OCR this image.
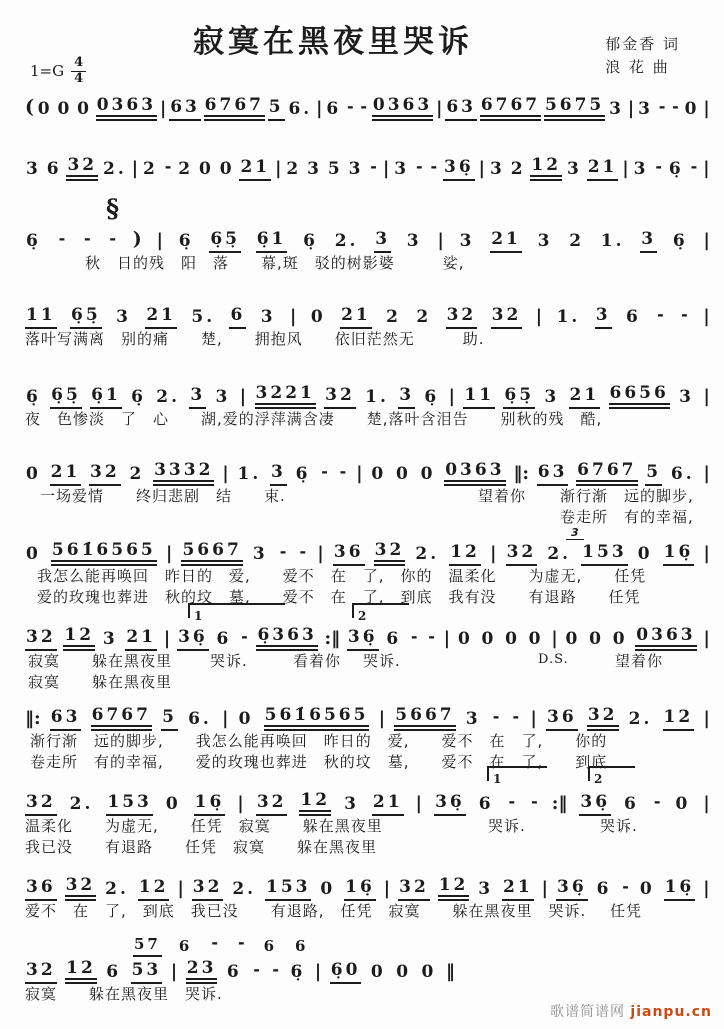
寂寞在黑夜里哭诉	郁金香 词
浪 花 曲
$1=G \frac{4}{4}$
歌谱简谱网 jianpu.cn
( 0 0 0 0363 | 63 6767 5 6. | 6 - - 0363 | 63 6767 5675 3 | 3 - - 0 |
3 6 32 2. | 2 - 2 0 0 21 | 2 3 5 3 - | 3 - - 36̣ | 3 2 12 3 21 | 3 - 6̣ - |
6̣ - - - ) | 6̣ 6̣5̣ 6̣1 6̣ 2. 3 3 | 3 21 3 2 1. 3 6̣ |
秋　日的残　阳　落　　幕,斑　驳的树影婆　　　娑,
11 6̣5̣ 3 21 5. 6 3 | 0 21 2 2 32 32 | 1. 3 6 - - |
落叶写满离　别的痛　　楚,　　拥抱风　　依旧茫然无　　　助.
6̣ 6̣5̣ 6̣1 6̣ 2. 3 3 | 3221 32 1. 3 6̣ | 11 6̣5̣ 3 21 6656 3 |
夜　色惨淡　了　心　　湖,爱的浮萍满含凄　　楚,落叶含泪告　　别秋的残　酷,
0 21 32 2 3332 | 1. 3 6̣ - - | 0 0 0 0363 ‖: 63 6767 5 6. |
一场爱情　　终归悲剧　结　　束.	望着你 渐行渐　远的脚步,
卷走所　有的幸福,
0 561̇6565 | 5667 3 - - | 36 32 2. 12 | 32 2. 153 0 16̣ |
我怎么能再唤回　昨日的　爱,　　爱不　在　了,　你的　温柔化　　为虚无,　　任凭
爱的玫瑰也葬进　秋的坟　墓,　　爱不　在　了,　到底　我有没　　有退路　　任凭
32 12 3 21 | 36̣ 6 - 6̣363 :‖ 36̣ 6 - - | 0 0 0 0 | 0 0 0 0363 |
寂寞　　躲在黑夜里	哭诉.	看着你 哭诉.	D.S.	望着你
寂寞　　躲在黑夜里
‖: 63 6767 5 6. | 0 561̇6565 | 5667 3 - - | 36 32 2. 12 |
渐行渐　远的脚步,　　我怎么能再唤回　昨日的　爱,　　爱不　在　了,　　你的
卷走所　有的幸福,　　爱的玫瑰也葬进　秋的坟　墓,　　爱不　在　了,　　到底
32 2. 153 0 16̣ | 32 12 3 21 | 36̣ 6 - - :‖ 36̣ 6 - 0 |
温柔化　　为虚无,　　任凭　寂寞　　躲在黑夜里	哭诉.	哭诉.
我已没　　有退路　　任凭　寂寞　　躲在黑夜里
36 32 2. 12 | 32 2. 153 0 16̣ | 32 12 3 21 | 36̣ 6 - 0 16̣ |
爱不　在　了,　到底　我已没　　有退路,　任凭　寂寞　　躲在黑夜里　哭诉. 任凭
32 12 6 53 | 23 6 - - 6̣ | 6̣0 0 0 0 ‖
寂寞　　躲在黑夜里　哭诉.
§
1	2
1	2
3
57 6 - - 6 6
